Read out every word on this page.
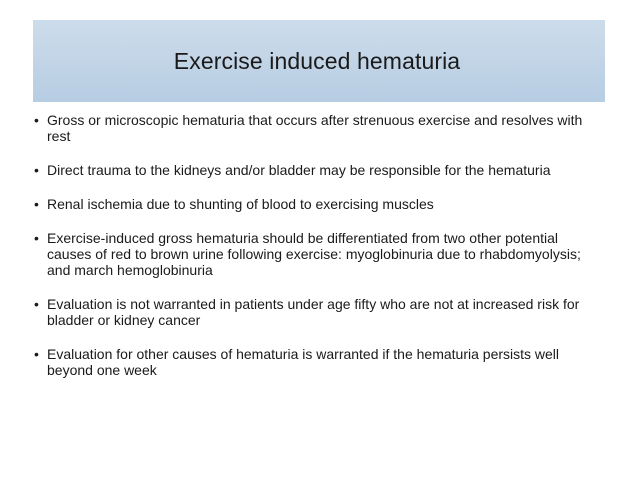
Exercise induced hematuria
• Gross or microscopic hematuria that occurs after strenuous exercise and resolves with rest
• Direct trauma to the kidneys and/or bladder may be responsible for the hematuria
• Renal ischemia due to shunting of blood to exercising muscles
• Exercise-induced gross hematuria should be differentiated from two other potential causes of red to brown urine following exercise: myoglobinuria due to rhabdomyolysis; and march hemoglobinuria
• Evaluation is not warranted in patients under age fifty who are not at increased risk for bladder or kidney cancer
• Evaluation for other causes of hematuria is warranted if the hematuria persists well beyond one week
